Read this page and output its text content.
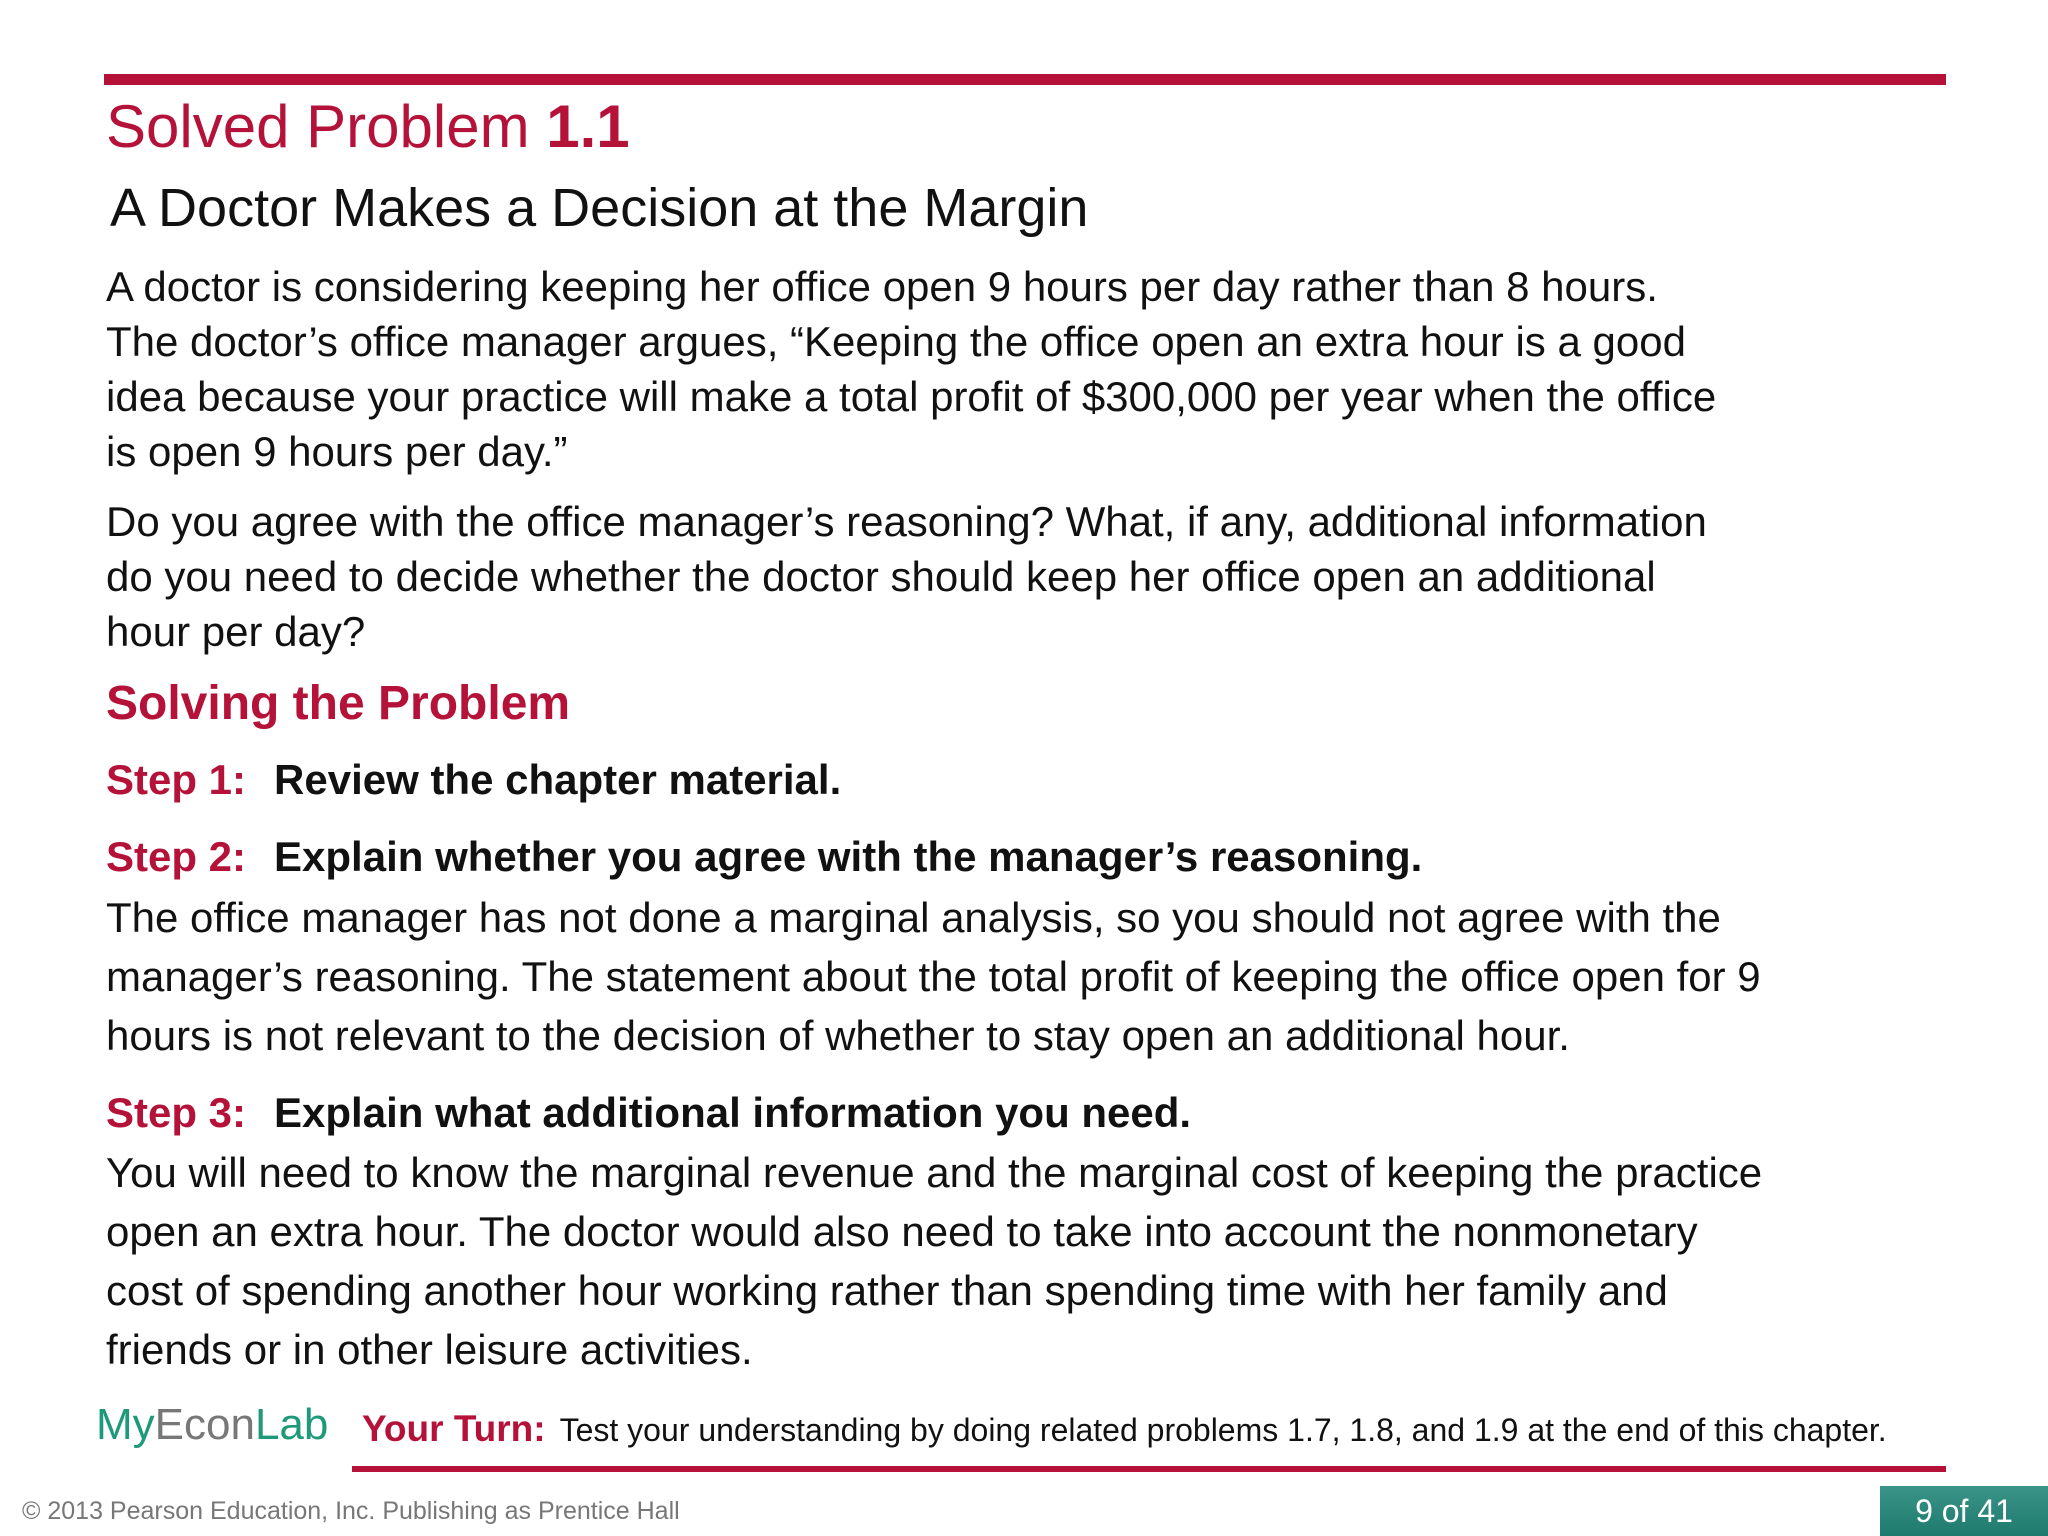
Solved Problem 1.1
A Doctor Makes a Decision at the Margin

A doctor is considering keeping her office open 9 hours per day rather than 8 hours.
The doctor’s office manager argues, “Keeping the office open an extra hour is a good
idea because your practice will make a total profit of $300,000 per year when the office
is open 9 hours per day.”

Do you agree with the office manager’s reasoning? What, if any, additional information
do you need to decide whether the doctor should keep her office open an additional
hour per day?

Solving the Problem
Step 1: Review the chapter material.
Step 2: Explain whether you agree with the manager’s reasoning.

The office manager has not done a marginal analysis, so you should not agree with the
manager’s reasoning. The statement about the total profit of keeping the office open for 9
hours is not relevant to the decision of whether to stay open an additional hour.

Step 3: Explain what additional information you need.

You will need to know the marginal revenue and the marginal cost of keeping the practice
open an extra hour. The doctor would also need to take into account the nonmonetary
cost of spending another hour working rather than spending time with her family and
friends or in other leisure activities.

MyEconLab Your Turn: Test your understanding by doing related problems 1.7, 1.8, and 1.9 at the end of this chapter.
© 2013 Pearson Education, Inc. Publishing as Prentice Hall	9 of 41
